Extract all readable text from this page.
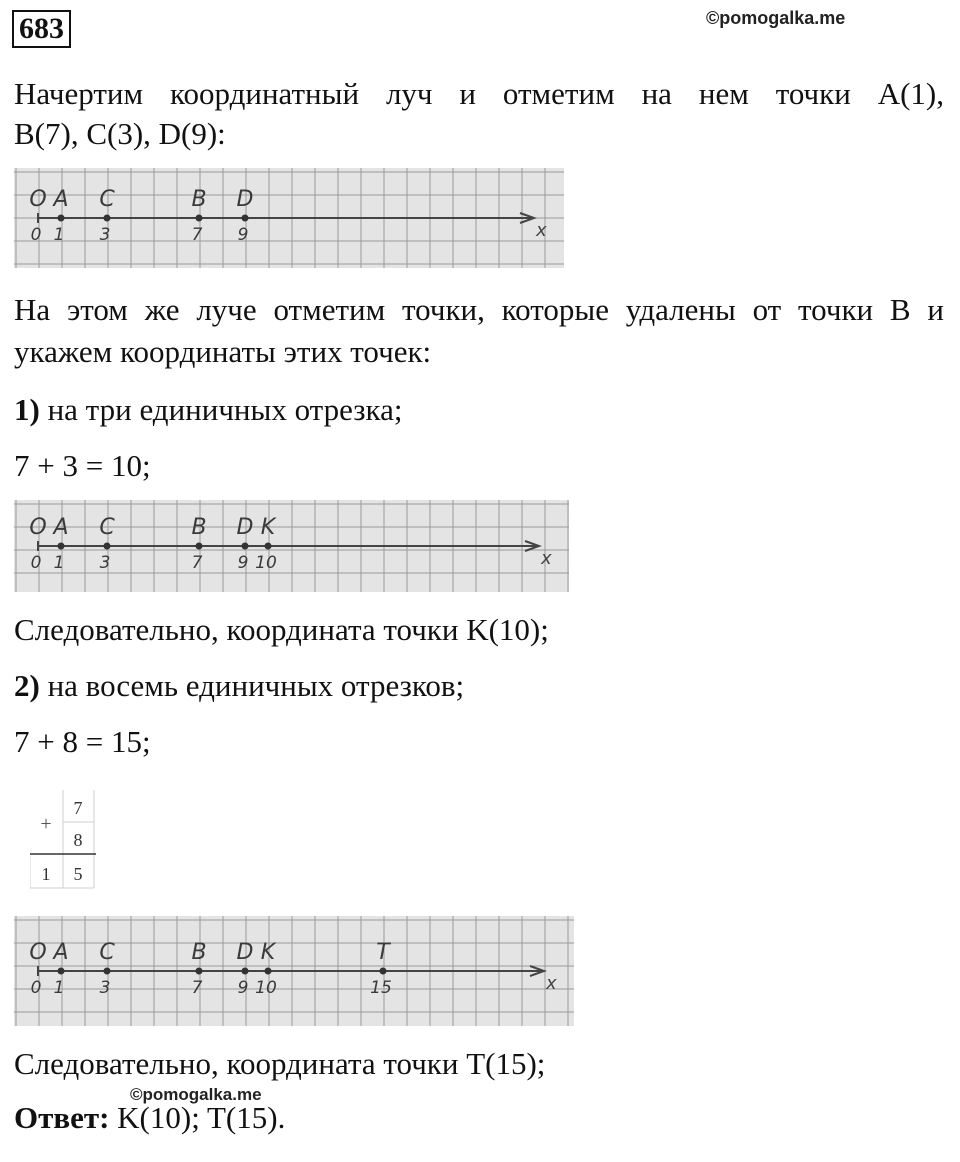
683	©pomogalka.me
Начертим координатный луч и отметим на нем точки A(1),
B(7), C(3), D(9):
x
O
0
A
1
C
3
B
7
D
9
На этом же луче отметим точки, которые удалены от точки B и
укажем координаты этих точек:
1) на три единичных отрезка;
7 + 3 = 10;
x
O
0
A
1
C
3
B
7
D
9
K
10
Следовательно, координата точки K(10);
2) на восемь единичных отрезков;
7 + 8 = 15;
+
7
8
1 5
x
O
0
A
1
C
3
B
7
D
9
K
10
T
15
Следовательно, координата точки T(15);
©pomogalka.me
Ответ: K(10); T(15).
